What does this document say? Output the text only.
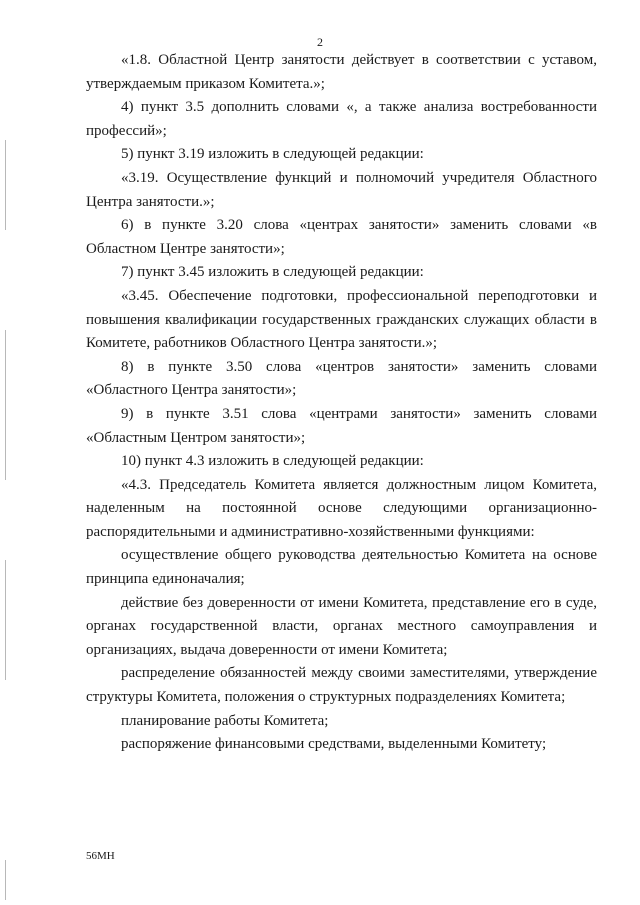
2

«1.8. Областной Центр занятости действует в соответствии с уставом, утверждаемым приказом Комитета.»;

4) пункт 3.5 дополнить словами «, а также анализа востребованности профессий»;

5) пункт 3.19 изложить в следующей редакции:

«3.19. Осуществление функций и полномочий учредителя Областного Центра занятости.»;

6) в пункте 3.20 слова «центрах занятости» заменить словами «в Областном Центре занятости»;

7) пункт 3.45 изложить в следующей редакции:

«3.45. Обеспечение подготовки, профессиональной переподготовки и повышения квалификации государственных гражданских служащих области в Комитете, работников Областного Центра занятости.»;

8) в пункте 3.50 слова «центров занятости» заменить словами «Областного Центра занятости»;

9) в пункте 3.51 слова «центрами занятости» заменить словами «Областным Центром занятости»;

10) пункт 4.3 изложить в следующей редакции:

«4.3. Председатель Комитета является должностным лицом Комитета, наделенным на постоянной основе следующими организационно-распорядительными и административно-хозяйственными функциями:

осуществление общего руководства деятельностью Комитета на основе принципа единоначалия;

действие без доверенности от имени Комитета, представление его в суде, органах государственной власти, органах местного самоуправления и организациях, выдача доверенности от имени Комитета;

распределение обязанностей между своими заместителями, утверждение структуры Комитета, положения о структурных подразделениях Комитета;

планирование работы Комитета;

распоряжение финансовыми средствами, выделенными Комитету;

56МН
